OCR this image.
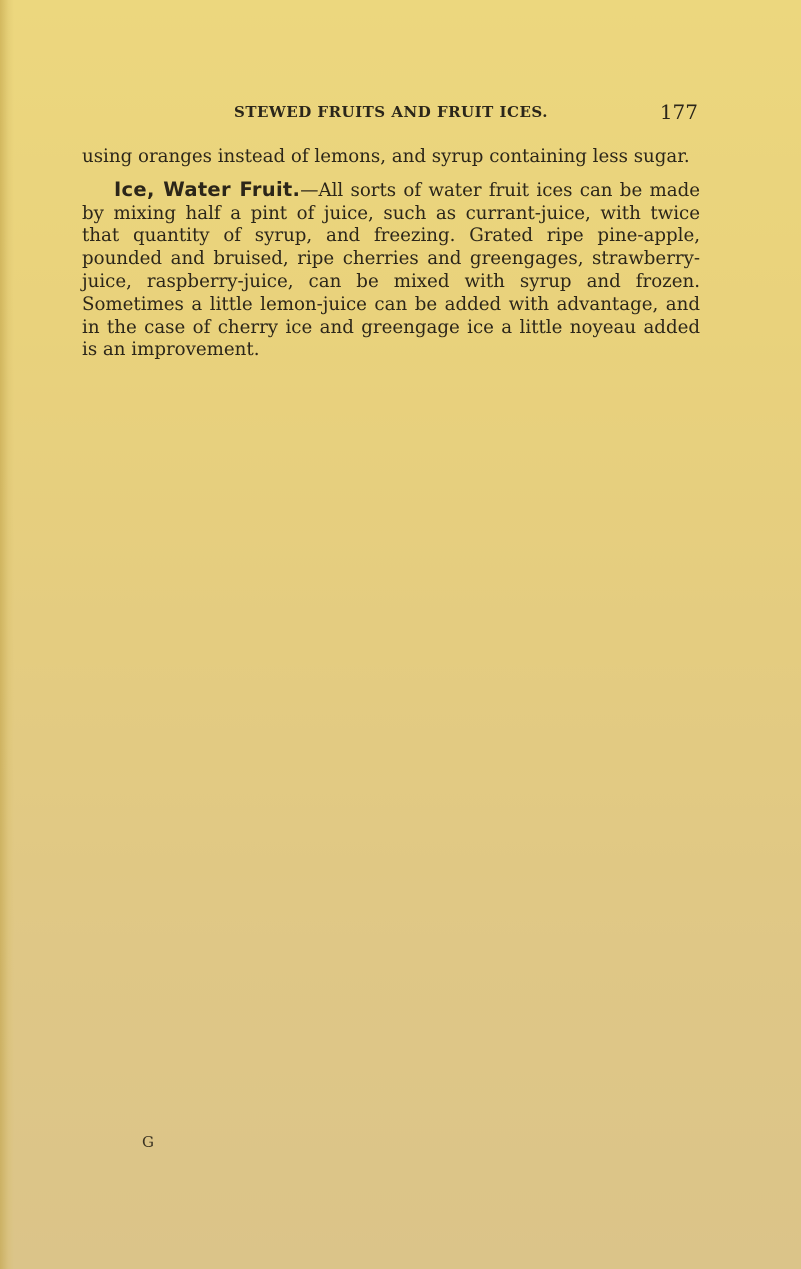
STEWED FRUITS AND FRUIT ICES.	177

using oranges instead of lemons, and syrup containing less sugar.

Ice, Water Fruit.—All sorts of water fruit ices can be made by mixing half a pint of juice, such as currant-juice, with twice that quantity of syrup, and freezing. Grated ripe pine-apple, pounded and bruised, ripe cherries and greengages, strawberry-juice, raspberry-juice, can be mixed with syrup and frozen. Sometimes a little lemon-juice can be added with advantage, and in the case of cherry ice and greengage ice a little noyeau added is an improvement.

G
